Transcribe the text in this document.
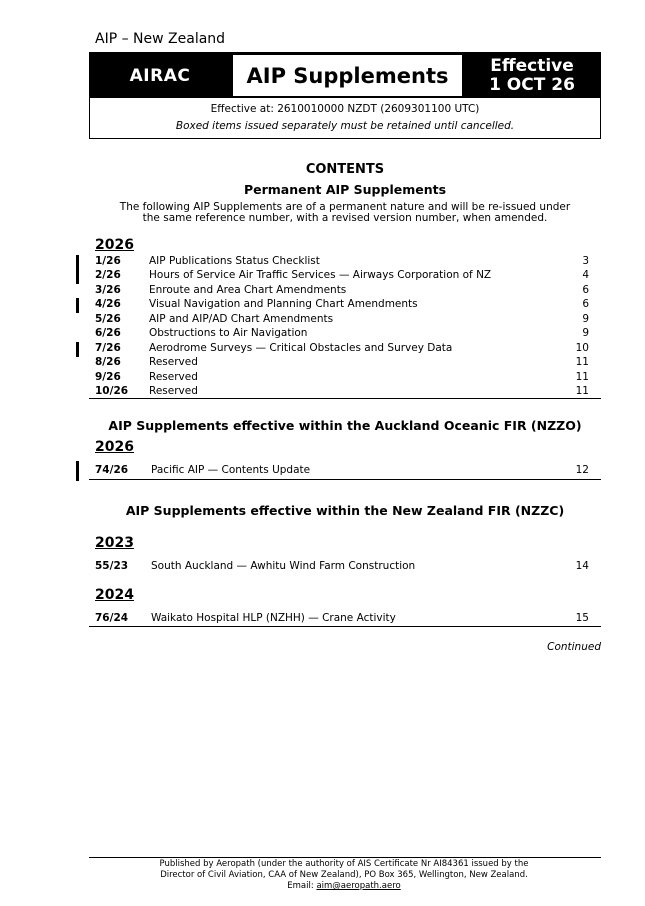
AIP – New Zealand
AIRAC	AIP Supplements	Effective
1 OCT 26
Effective at: 2610010000 NZDT (2609301100 UTC)
Boxed items issued separately must be retained until cancelled.
CONTENTS
Permanent AIP Supplements
The following AIP Supplements are of a permanent nature and will be re-issued under
the same reference number, with a revised version number, when amended.
2026
1/26	AIP Publications Status Checklist	3
2/26	Hours of Service Air Traffic Services — Airways Corporation of NZ	4
3/26	Enroute and Area Chart Amendments	6
4/26	Visual Navigation and Planning Chart Amendments	6
5/26	AIP and AIP/AD Chart Amendments	9
6/26	Obstructions to Air Navigation	9
7/26	Aerodrome Surveys — Critical Obstacles and Survey Data	10
8/26	Reserved	11
9/26	Reserved	11
10/26 Reserved	11
AIP Supplements effective within the Auckland Oceanic FIR (NZZO)
2026
74/26 Pacific AIP — Contents Update	12
AIP Supplements effective within the New Zealand FIR (NZZC)
2023
55/23 South Auckland — Awhitu Wind Farm Construction	14
2024
76/24 Waikato Hospital HLP (NZHH) — Crane Activity	15
Continued
Published by Aeropath (under the authority of AIS Certificate Nr AI84361 issued by the
Director of Civil Aviation, CAA of New Zealand), PO Box 365, Wellington, New Zealand.
Email: aim@aeropath.aero
